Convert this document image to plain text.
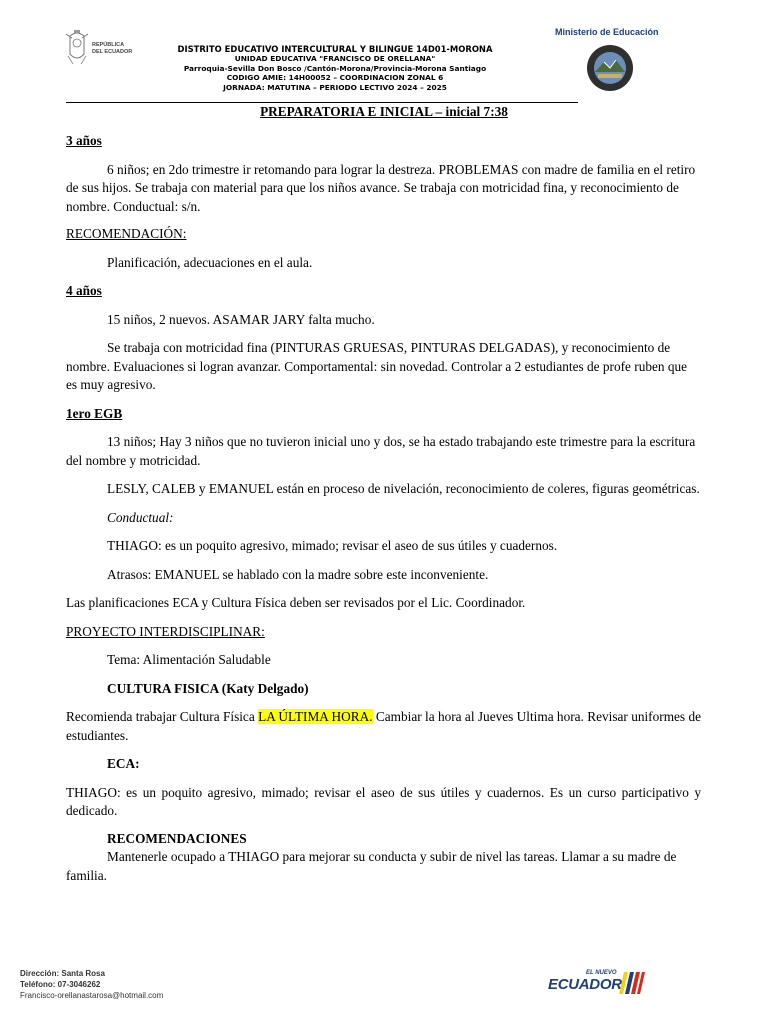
REPÚBLICA
DEL ECUADOR	DISTRITO EDUCATIVO INTERCULTURAL Y BILINGUE 14D01-MORONA
UNIDAD EDUCATIVA "FRANCISCO DE ORELLANA"
Parroquia-Sevilla Don Bosco /Cantón-Morona/Provincia-Morona Santiago
CODIGO AMIE: 14H00052 – COORDINACION ZONAL 6
JORNADA: MATUTINA – PERIODO LECTIVO 2024 – 2025
Ministerio de Educación
PREPARATORIA E INICIAL – inicial 7:38

3 años

6 niños; en 2do trimestre ir retomando para lograr la destreza. PROBLEMAS con madre de familia en el retiro de sus hijos. Se trabaja con material para que los niños avance. Se trabaja con motricidad fina, y reconocimiento de nombre. Conductual: s/n.

RECOMENDACIÓN:

Planificación, adecuaciones en el aula.

4 años

15 niños, 2 nuevos. ASAMAR JARY falta mucho.

Se trabaja con motricidad fina (PINTURAS GRUESAS, PINTURAS DELGADAS), y reconocimiento de nombre. Evaluaciones si logran avanzar. Comportamental: sin novedad. Controlar a 2 estudiantes de profe ruben que es muy agresivo.

1ero EGB

13 niños; Hay 3 niños que no tuvieron inicial uno y dos, se ha estado trabajando este trimestre para la escritura del nombre y motricidad.

LESLY, CALEB y EMANUEL están en proceso de nivelación, reconocimiento de coleres, figuras geométricas.

Conductual:

THIAGO: es un poquito agresivo, mimado; revisar el aseo de sus útiles y cuadernos.

Atrasos: EMANUEL se hablado con la madre sobre este inconveniente.

Las planificaciones ECA y Cultura Física deben ser revisados por el Lic. Coordinador.

PROYECTO INTERDISCIPLINAR:

Tema: Alimentación Saludable

CULTURA FISICA (Katy Delgado)

Recomienda trabajar Cultura Física LA ÚLTIMA HORA. Cambiar la hora al Jueves Ultima hora. Revisar uniformes de estudiantes.

ECA:

THIAGO: es un poquito agresivo, mimado; revisar el aseo de sus útiles y cuadernos. Es un curso participativo y dedicado.

RECOMENDACIONES

Mantenerle ocupado a THIAGO para mejorar su conducta y subir de nivel las tareas. Llamar a su madre de familia.

Dirección: Santa Rosa
Teléfono: 07-3046262
Francisco-orellanastarosa@hotmail.com
EL NUEVO
ECUADOR
